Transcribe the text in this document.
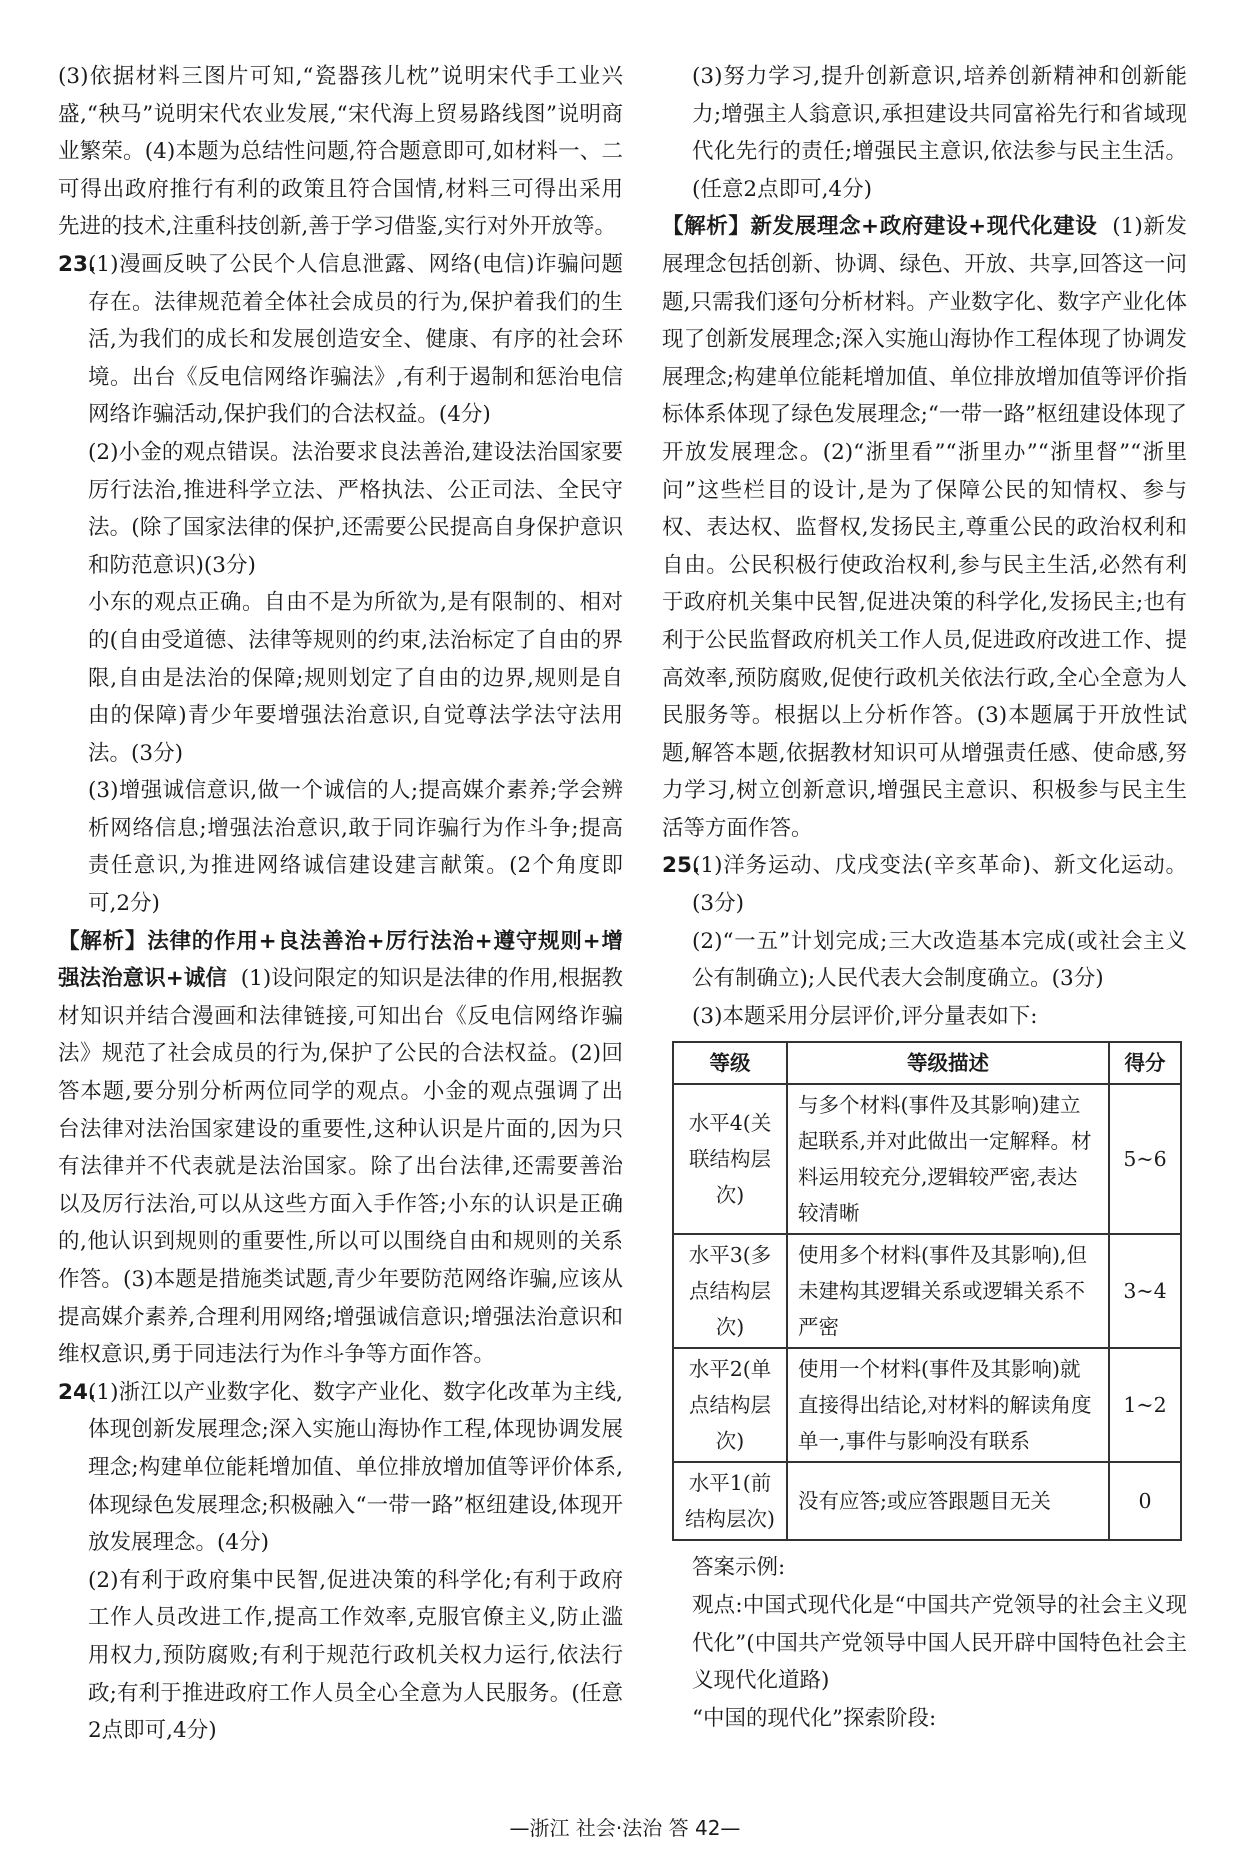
(3)依据材料三图片可知,“瓷器孩儿枕”说明宋代手工业兴盛,“秧马”说明宋代农业发展,“宋代海上贸易路线图”说明商业繁荣。(4)本题为总结性问题,符合题意即可,如材料一、二可得出政府推行有利的政策且符合国情,材料三可得出采用先进的技术,注重科技创新,善于学习借鉴,实行对外开放等。

23.(1)漫画反映了公民个人信息泄露、网络(电信)诈骗问题存在。法律规范着全体社会成员的行为,保护着我们的生活,为我们的成长和发展创造安全、健康、有序的社会环境。出台《反电信网络诈骗法》,有利于遏制和惩治电信网络诈骗活动,保护我们的合法权益。(4分)

(2)小金的观点错误。法治要求良法善治,建设法治国家要厉行法治,推进科学立法、严格执法、公正司法、全民守法。(除了国家法律的保护,还需要公民提高自身保护意识和防范意识)(3分)

小东的观点正确。自由不是为所欲为,是有限制的、相对的(自由受道德、法律等规则的约束,法治标定了自由的界限,自由是法治的保障;规则划定了自由的边界,规则是自由的保障)青少年要增强法治意识,自觉尊法学法守法用法。(3分)

(3)增强诚信意识,做一个诚信的人;提高媒介素养;学会辨析网络信息;增强法治意识,敢于同诈骗行为作斗争;提高责任意识,为推进网络诚信建设建言献策。(2个角度即可,2分)

【解析】法律的作用+良法善治+厉行法治+遵守规则+增强法治意识+诚信 (1)设问限定的知识是法律的作用,根据教材知识并结合漫画和法律链接,可知出台《反电信网络诈骗法》规范了社会成员的行为,保护了公民的合法权益。(2)回答本题,要分别分析两位同学的观点。小金的观点强调了出台法律对法治国家建设的重要性,这种认识是片面的,因为只有法律并不代表就是法治国家。除了出台法律,还需要善治以及厉行法治,可以从这些方面入手作答;小东的认识是正确的,他认识到规则的重要性,所以可以围绕自由和规则的关系作答。(3)本题是措施类试题,青少年要防范网络诈骗,应该从提高媒介素养,合理利用网络;增强诚信意识;增强法治意识和维权意识,勇于同违法行为作斗争等方面作答。

24.(1)浙江以产业数字化、数字产业化、数字化改革为主线,体现创新发展理念;深入实施山海协作工程,体现协调发展理念;构建单位能耗增加值、单位排放增加值等评价体系,体现绿色发展理念;积极融入“一带一路”枢纽建设,体现开放发展理念。(4分)

(2)有利于政府集中民智,促进决策的科学化;有利于政府工作人员改进工作,提高工作效率,克服官僚主义,防止滥用权力,预防腐败;有利于规范行政机关权力运行,依法行政;有利于推进政府工作人员全心全意为人民服务。(任意2点即可,4分)

(3)努力学习,提升创新意识,培养创新精神和创新能力;增强主人翁意识,承担建设共同富裕先行和省域现代化先行的责任;增强民主意识,依法参与民主生活。(任意2点即可,4分)

【解析】新发展理念+政府建设+现代化建设 (1)新发展理念包括创新、协调、绿色、开放、共享,回答这一问题,只需我们逐句分析材料。产业数字化、数字产业化体现了创新发展理念;深入实施山海协作工程体现了协调发展理念;构建单位能耗增加值、单位排放增加值等评价指标体系体现了绿色发展理念;“一带一路”枢纽建设体现了开放发展理念。(2)“浙里看”“浙里办”“浙里督”“浙里问”这些栏目的设计,是为了保障公民的知情权、参与权、表达权、监督权,发扬民主,尊重公民的政治权利和自由。公民积极行使政治权利,参与民主生活,必然有利于政府机关集中民智,促进决策的科学化,发扬民主;也有利于公民监督政府机关工作人员,促进政府改进工作、提高效率,预防腐败,促使行政机关依法行政,全心全意为人民服务等。根据以上分析作答。(3)本题属于开放性试题,解答本题,依据教材知识可从增强责任感、使命感,努力学习,树立创新意识,增强民主意识、积极参与民主生活等方面作答。

25.(1)洋务运动、戊戌变法(辛亥革命)、新文化运动。(3分)

(2)“一五”计划完成;三大改造基本完成(或社会主义公有制确立);人民代表大会制度确立。(3分)

(3)本题采用分层评价,评分量表如下:

等级	等级描述	得分
水平4(关联结构层次)	与多个材料(事件及其影响)建立起联系,并对此做出一定解释。材料运用较充分,逻辑较严密,表达较清晰	5~6
水平3(多点结构层次)	使用多个材料(事件及其影响),但未建构其逻辑关系或逻辑关系不严密	3~4
水平2(单点结构层次)	使用一个材料(事件及其影响)就直接得出结论,对材料的解读角度单一,事件与影响没有联系	1~2
水平1(前结构层次)	没有应答;或应答跟题目无关	0

答案示例:

观点:中国式现代化是“中国共产党领导的社会主义现代化”(中国共产党领导中国人民开辟中国特色社会主义现代化道路)

“中国的现代化”探索阶段:

—浙江 社会·法治 答 42—
